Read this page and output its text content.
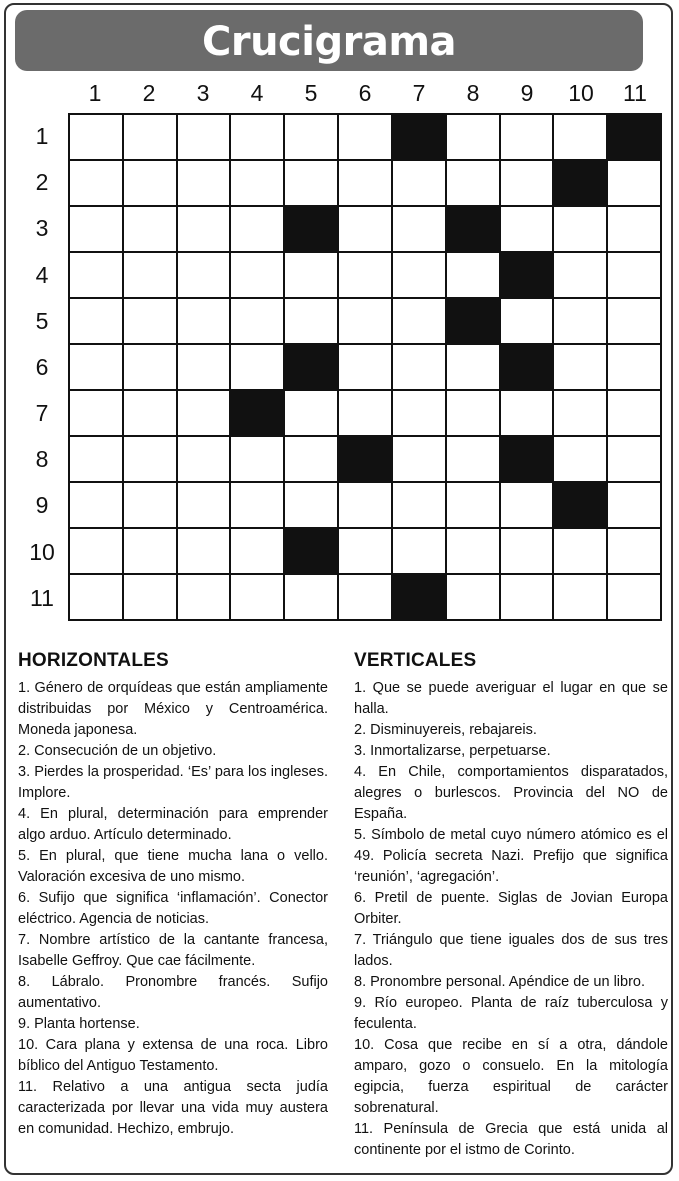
Crucigrama
1	2	3	4	5	6	7	8	9	10	11
1
2
3
4
5
6
7
8
9
10
11
HORIZONTALES

1. Género de orquídeas que están ampliamente distribuidas por México y Centroamérica. Moneda japonesa.

2. Consecución de un objetivo.

3. Pierdes la prosperidad. ‘Es’ para los ingleses. Implore.

4. En plural, determinación para emprender algo arduo. Artículo determinado.

5. En plural, que tiene mucha lana o vello. Valoración excesiva de uno mismo.

6. Sufijo que significa ‘inflamación’. Conector eléctrico. Agencia de noticias.

7. Nombre artístico de la cantante francesa, Isabelle Geffroy. Que cae fácilmente.

8. Lábralo. Pronombre francés. Sufijo aumentativo.

9. Planta hortense.

10. Cara plana y extensa de una roca. Libro bíblico del Antiguo Testamento.

11. Relativo a una antigua secta judía caracterizada por llevar una vida muy austera en comunidad. Hechizo, embrujo.

VERTICALES

1. Que se puede averiguar el lugar en que se halla.

2. Disminuyereis, rebajareis.

3. Inmortalizarse, perpetuarse.

4. En Chile, comportamientos disparatados, alegres o burlescos. Provincia del NO de España.

5. Símbolo de metal cuyo número atómico es el 49. Policía secreta Nazi. Prefijo que significa ‘reunión’, ‘agregación’.

6. Pretil de puente. Siglas de Jovian Europa Orbiter.

7. Triángulo que tiene iguales dos de sus tres lados.

8. Pronombre personal. Apéndice de un libro.

9. Río europeo. Planta de raíz tuberculosa y feculenta.

10. Cosa que recibe en sí a otra, dándole amparo, gozo o consuelo. En la mitología egipcia, fuerza espiritual de carácter sobrenatural.

11. Península de Grecia que está unida al continente por el istmo de Corinto.
